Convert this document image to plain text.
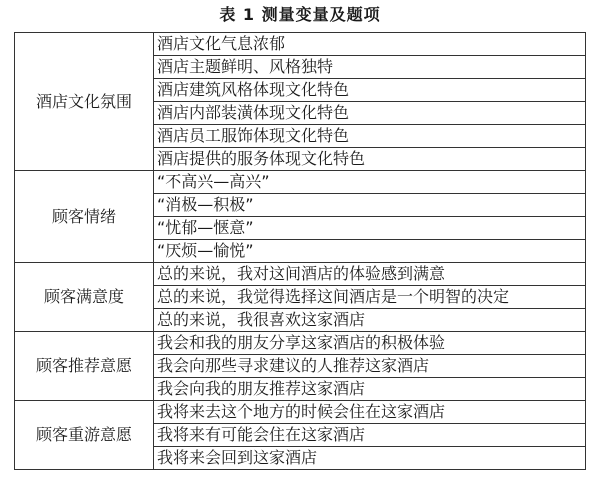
表 1 测量变量及题项
酒店文化氛围	酒店文化气息浓郁
	酒店主题鲜明、风格独特
	酒店建筑风格体现文化特色
	酒店内部装潢体现文化特色
	酒店员工服饰体现文化特色
	酒店提供的服务体现文化特色
顾客情绪	“不高兴—高兴”
	“消极—积极”
	“忧郁—惬意”
	“厌烦—愉悦”
顾客满意度	总的来说，我对这间酒店的体验感到满意
	总的来说，我觉得选择这间酒店是一个明智的决定
	总的来说，我很喜欢这家酒店
顾客推荐意愿	我会和我的朋友分享这家酒店的积极体验
	我会向那些寻求建议的人推荐这家酒店
	我会向我的朋友推荐这家酒店
顾客重游意愿	我将来去这个地方的时候会住在这家酒店
	我将来有可能会住在这家酒店
	我将来会回到这家酒店
